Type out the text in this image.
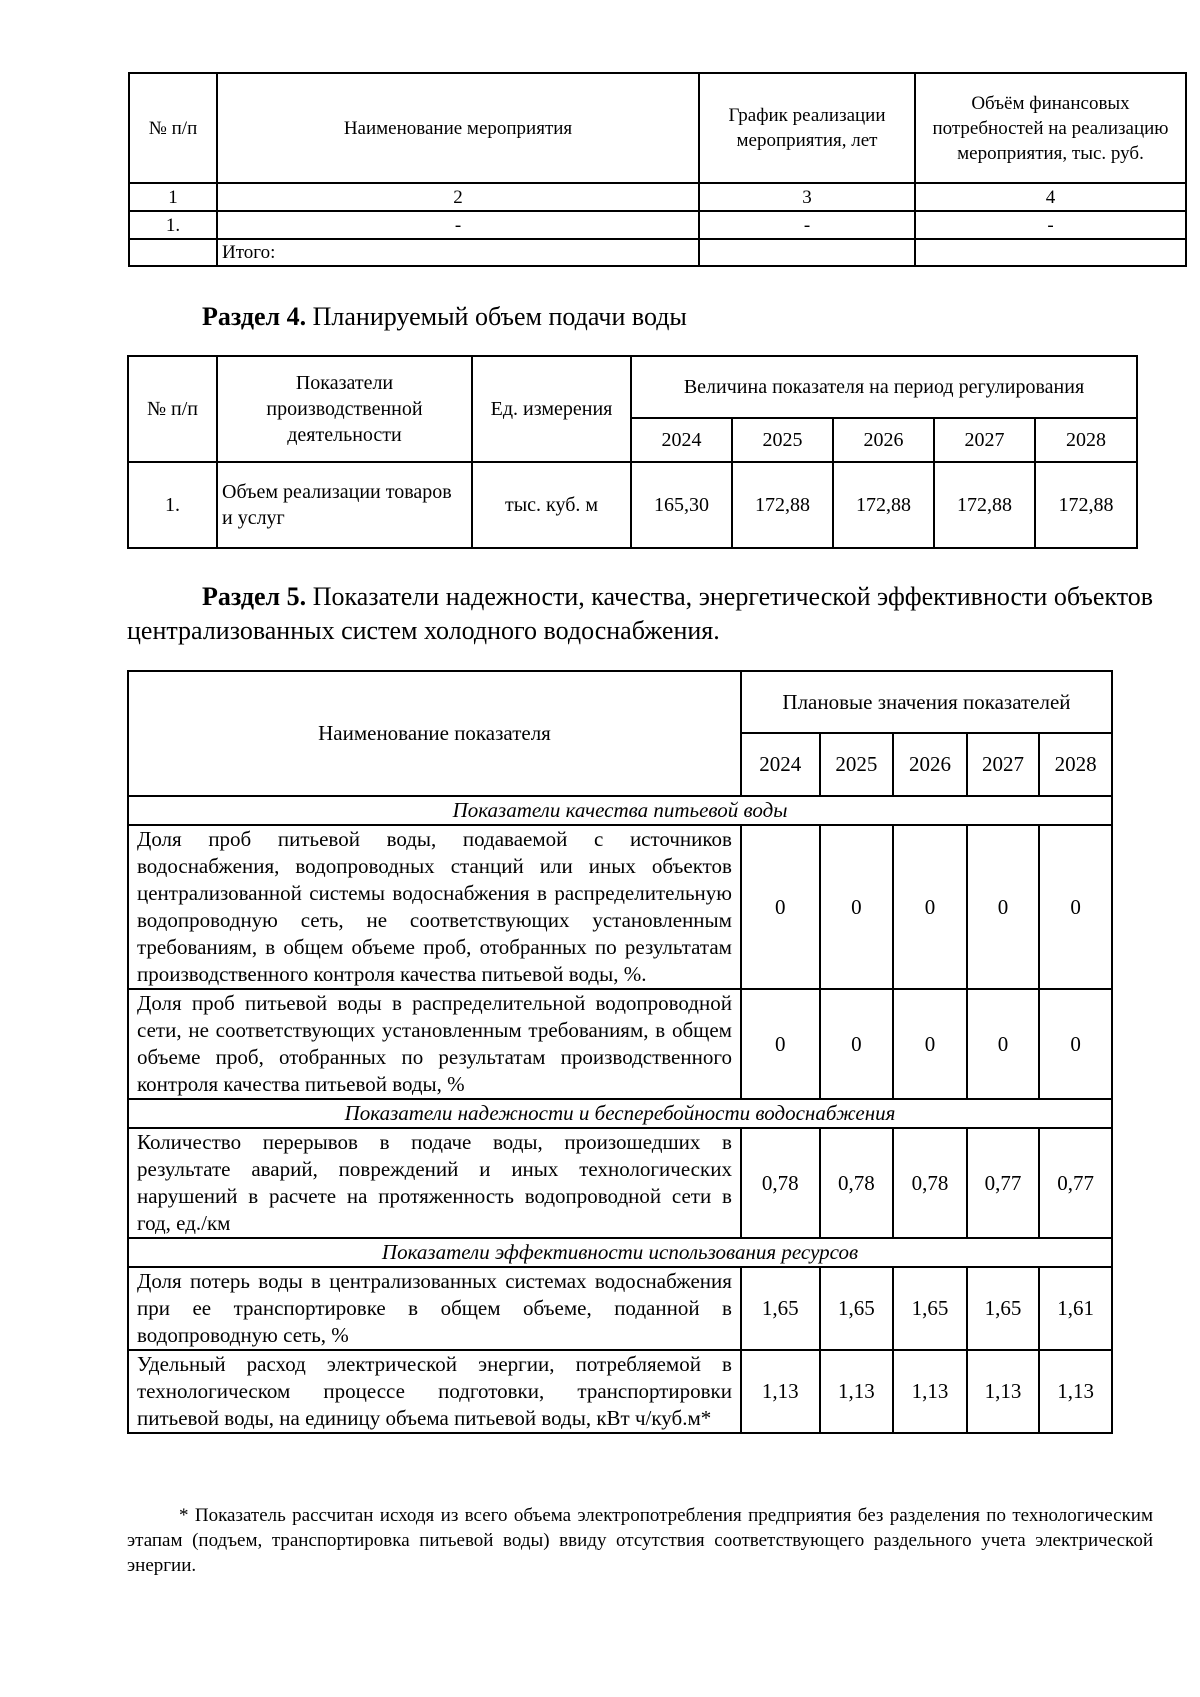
№ п/п	Наименование мероприятия	График реализации мероприятия, лет	Объём финансовых потребностей на реализацию мероприятия, тыс. руб.
1	2	3	4
1.	-	-	-
	Итого:		

Раздел 4. Планируемый объем подачи воды

№ п/п	Показатели производственной деятельности	Ед. измерения	Величина показателя на период регулирования				
			2024	2025	2026	2027	2028
1.	Объем реализации товаров и услуг	тыс. куб. м	165,30	172,88	172,88	172,88	172,88

Раздел 5. Показатели надежности, качества, энергетической эффективности объектов централизованных систем холодного водоснабжения.

Наименование показателя	Плановые значения показателей				
	2024	2025	2026	2027	2028
Показатели качества питьевой воды					
Доля проб питьевой воды, подаваемой с источников водоснабжения, водопроводных станций или иных объектов централизованной системы водоснабжения в распределительную водопроводную сеть, не соответствующих установленным требованиям, в общем объеме проб, отобранных по результатам производственного контроля качества питьевой воды, %.	0	0	0	0	0
Доля проб питьевой воды в распределительной водопроводной сети, не соответствующих установленным требованиям, в общем объеме проб, отобранных по результатам производственного контроля качества питьевой воды, %	0	0	0	0	0
Показатели надежности и бесперебойности водоснабжения					
Количество перерывов в подаче воды, произошедших в результате аварий, повреждений и иных технологических нарушений в расчете на протяженность водопроводной сети в год, ед./км	0,78	0,78	0,78	0,77	0,77
Показатели эффективности использования ресурсов					
Доля потерь воды в централизованных системах водоснабжения при ее транспортировке в общем объеме, поданной в водопроводную сеть, %	1,65	1,65	1,65	1,65	1,61
Удельный расход электрической энергии, потребляемой в технологическом процессе подготовки, транспортировки питьевой воды, на единицу объема питьевой воды, кВт ч/куб.м*	1,13	1,13	1,13	1,13	1,13

* Показатель рассчитан исходя из всего объема электропотребления предприятия без разделения по технологическим этапам (подъем, транспортировка питьевой воды) ввиду отсутствия соответствующего раздельного учета электрической энергии.
